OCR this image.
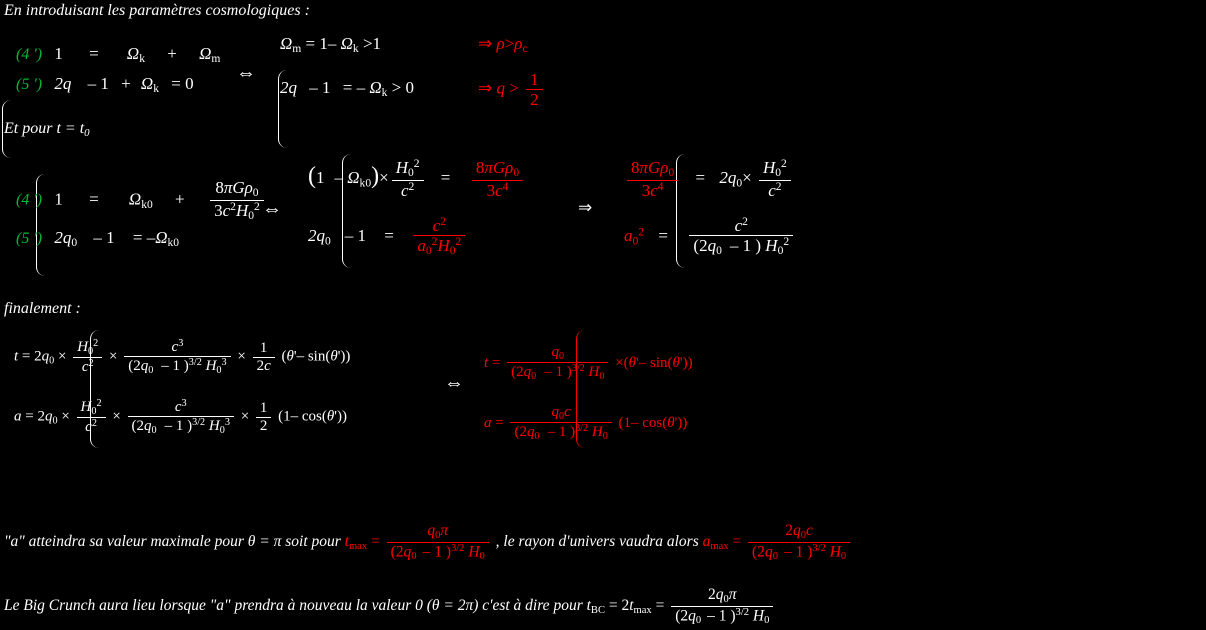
En introduisant les paramètres cosmologiques :

(4 ') $1 = \Omega_k + \Omega_m$
(5 ') $2q - 1 + \Omega_k = 0$ ⇔

$\Omega_m = 1-$ $\Omega_k >1$
2q – 1 = – $\Omega_k > 0$
⇒ $\rho>\rho_c$
⇒ $q > \frac{1}{2}$
Et pour $t = t_0$

(4 ') $1 = \Omega_{k0} + \frac{8\pi G\rho_0}{3c^2H_0^2}$
(5 ') $2q_0 - 1 = -\Omega_{k0}$
⇔

$(1 - \Omega_{k0})\times \frac{H_0^2}{c^2} = \frac{8\pi G\rho_0}{3c^4}$
$2q_0 - 1 = \frac{c^2}{a_0^2H_0^2}$
⇒

$\frac{8\pi G\rho_0}{3c^4} = 2q_0\times \frac{H_0^2}{c^2}$
$a_0^2 = \frac{c^2}{(2q_0 - 1 ) H_0^2}$
finalement :

$t = 2q_0 \times \frac{H_0^2}{c^2} \times \frac{c^3}{(2q_0 - 1 )^{3/2} H_0^3} \times \frac{1}{2c} (\theta'-$ sin(θ'))
$a = 2q_0 \times \frac{H_0^2}{c^2} \times \frac{c^3}{(2q_0 - 1 )^{3/2} H_0^3} \times \frac{1}{2} (1-$ cos(θ'))
⇔
$t = \frac{q_0}{(2q_0 - 1 )^{3/2} H_0} \times(\theta'-$ sin(θ'))
$a = \frac{q_0c}{(2q_0 - 1 )^{3/2} H_0} (1-$ cos(θ'))
"a" atteindra sa valeur maximale pour θ = π soit pour $t_{max} = \frac{q_0\pi}{(2q_0 - 1 )^{3/2} H_0}$ , le rayon d'univers vaudra alors $a_{max} = \frac{2q_0c}{(2q_0 - 1 )^{3/2} H_0}$
Le Big Crunch aura lieu lorsque "a" prendra à nouveau la valeur 0 (θ = 2π) c'est à dire pour $t_{BC} = 2t_{max} = \frac{2q_0\pi}{(2q_0 - 1 )^{3/2} H_0}$
